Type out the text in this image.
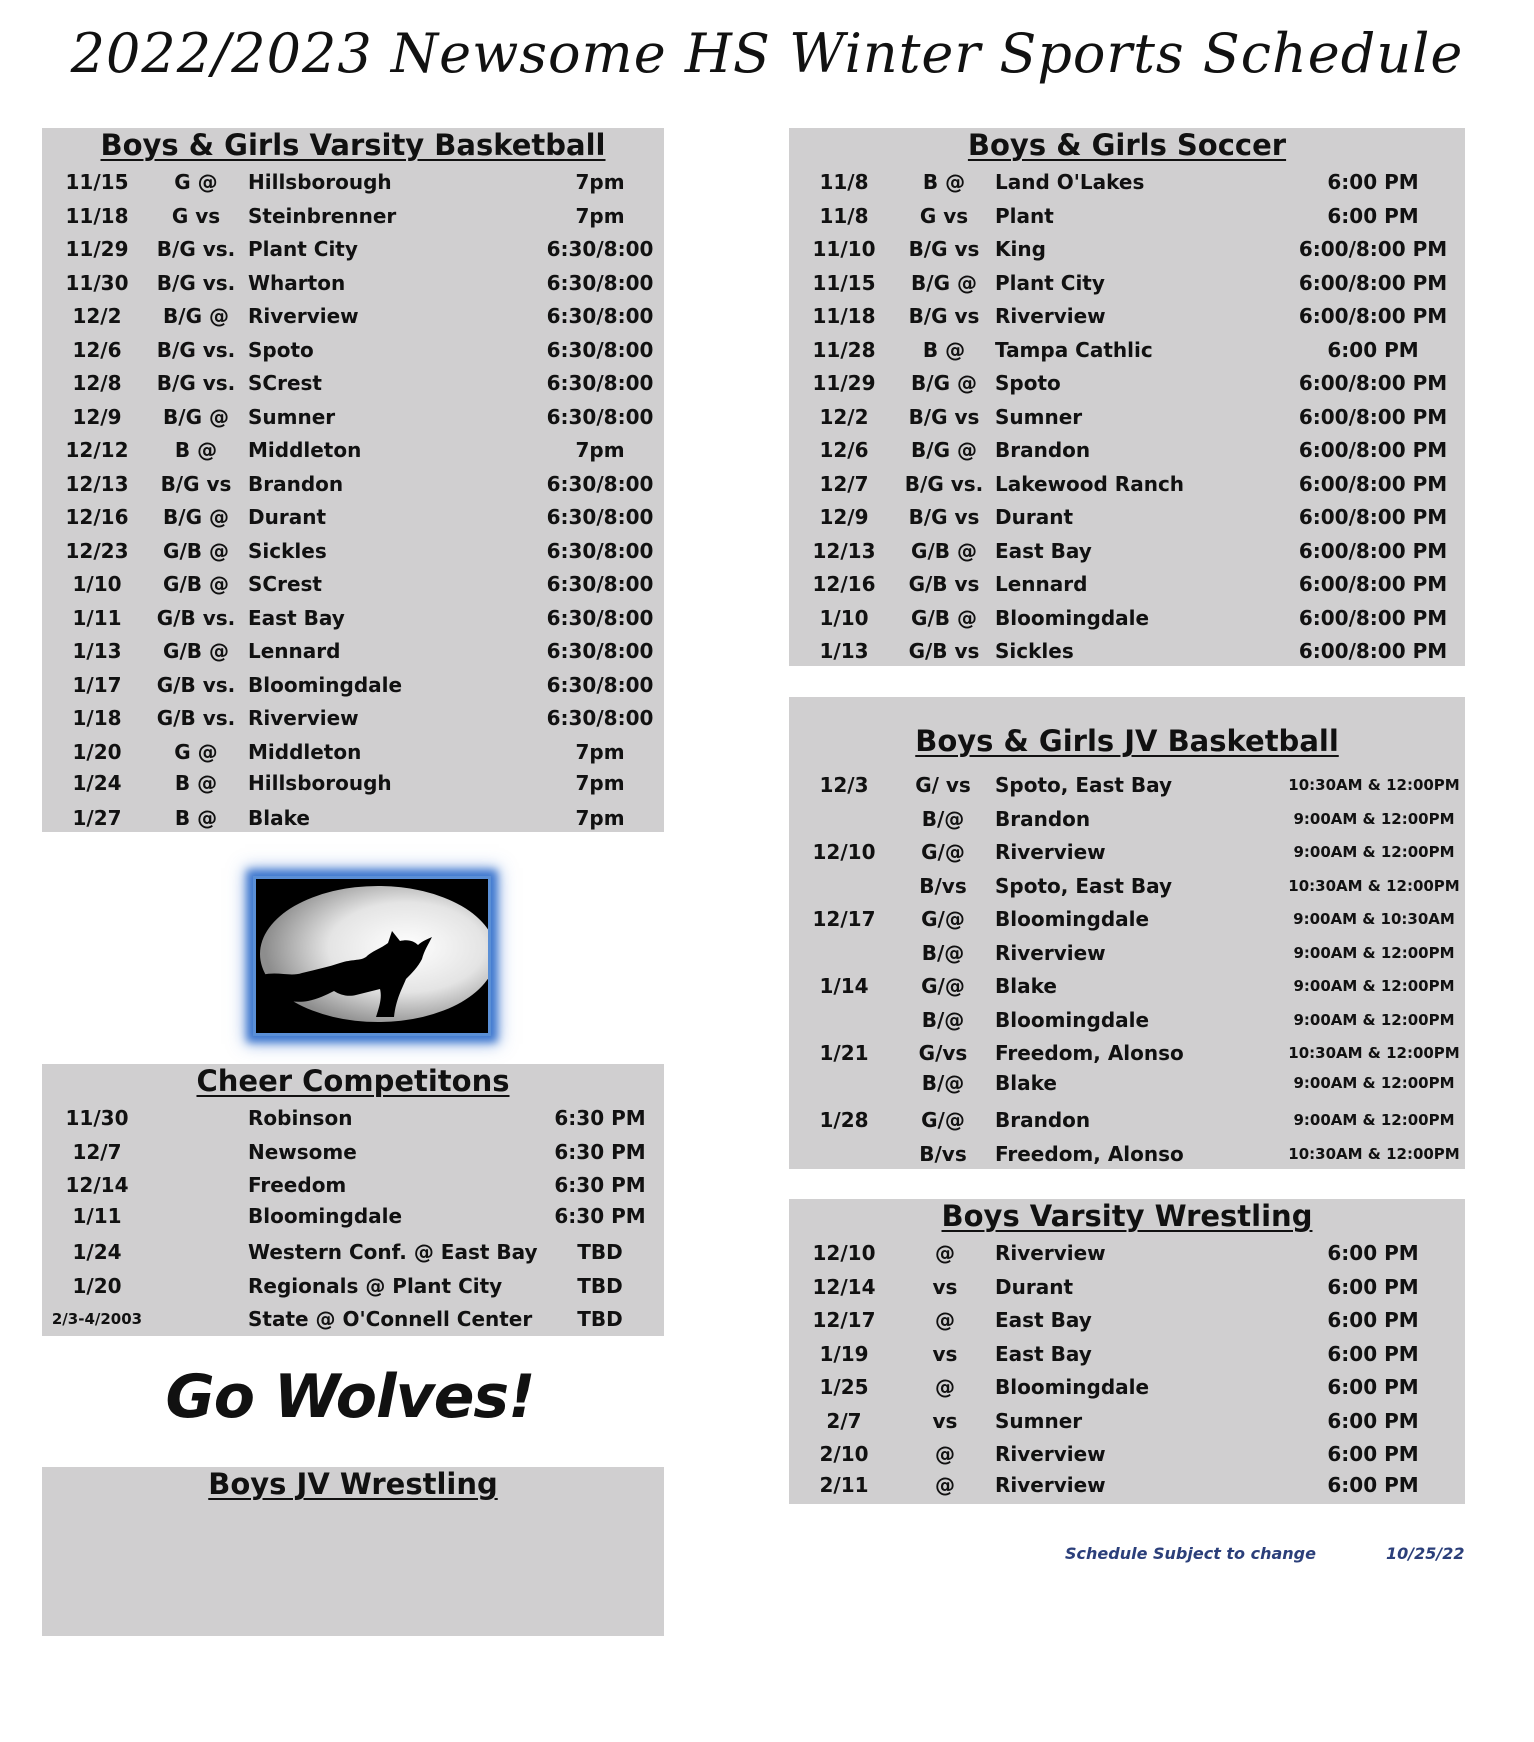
2022/2023 Newsome HS Winter Sports Schedule
Boys & Girls Varsity Basketball
11/15 G @ Hillsborough	7pm
11/18 G vs Steinbrenner	7pm
11/29 B/G vs. Plant City	6:30/8:00
11/30 B/G vs. Wharton	6:30/8:00
12/2 B/G @ Riverview	6:30/8:00
12/6 B/G vs. Spoto	6:30/8:00
12/8 B/G vs. SCrest	6:30/8:00
12/9 B/G @ Sumner	6:30/8:00
12/12 B @ Middleton	7pm
12/13 B/G vs Brandon	6:30/8:00
12/16 B/G @ Durant	6:30/8:00
12/23 G/B @ Sickles	6:30/8:00
1/10 G/B @ SCrest	6:30/8:00
1/11 G/B vs. East Bay	6:30/8:00
1/13 G/B @ Lennard	6:30/8:00
1/17 G/B vs. Bloomingdale	6:30/8:00
1/18 G/B vs. Riverview	6:30/8:00
1/20	G @ Middleton	7pm
1/24	B @ Hillsborough	7pm
1/27	B @ Blake	7pm
Boys & Girls Soccer
11/8	B @ Land O'Lakes	6:00 PM
11/8	G vs Plant	6:00 PM
11/10 B/G vs King	6:00/8:00 PM
11/15 B/G @ Plant City	6:00/8:00 PM
11/18 B/G vs Riverview	6:00/8:00 PM
11/28 B @ Tampa Cathlic	6:00 PM
11/29 B/G @ Spoto	6:00/8:00 PM
12/2 B/G vs Sumner	6:00/8:00 PM
12/6 B/G @ Brandon	6:00/8:00 PM
12/7 B/G vs. Lakewood Ranch	6:00/8:00 PM
12/9 B/G vs Durant	6:00/8:00 PM
12/13 G/B @ East Bay	6:00/8:00 PM
12/16 G/B vs Lennard	6:00/8:00 PM
1/10 G/B @ Bloomingdale	6:00/8:00 PM
1/13 G/B vs Sickles	6:00/8:00 PM
Boys & Girls JV Basketball
12/3 G/ vs Spoto, East Bay	10:30AM & 12:00PM
B/@ Brandon	9:00AM & 12:00PM
12/10 G/@ Riverview	9:00AM & 12:00PM
B/vs Spoto, East Bay	10:30AM & 12:00PM
12/17 G/@ Bloomingdale	9:00AM & 10:30AM
B/@ Riverview	9:00AM & 12:00PM
1/14	G/@ Blake	9:00AM & 12:00PM
B/@ Bloomingdale	9:00AM & 12:00PM
1/21	G/vs Freedom, Alonso	10:30AM & 12:00PM
B/@ Blake	9:00AM & 12:00PM
1/28	G/@ Brandon	9:00AM & 12:00PM
B/vs Freedom, Alonso	10:30AM & 12:00PM
Cheer Competitons
11/30	Robinson	6:30 PM
12/7	Newsome	6:30 PM
12/14	Freedom	6:30 PM
1/11	Bloomingdale	6:30 PM
1/24	Western Conf. @ East Bay TBD
1/20	Regionals @ Plant City	TBD
2/3-4/2003	State @ O'Connell Center TBD
Boys Varsity Wrestling
12/10	@ Riverview	6:00 PM
12/14	vs Durant	6:00 PM
12/17	@ East Bay	6:00 PM
1/19	vs East Bay	6:00 PM
1/25	@ Bloomingdale	6:00 PM
2/7	vs Sumner	6:00 PM
2/10	@ Riverview	6:00 PM
2/11	@ Riverview	6:00 PM
Go Wolves!
Boys JV Wrestling
Schedule Subject to change	10/25/22
